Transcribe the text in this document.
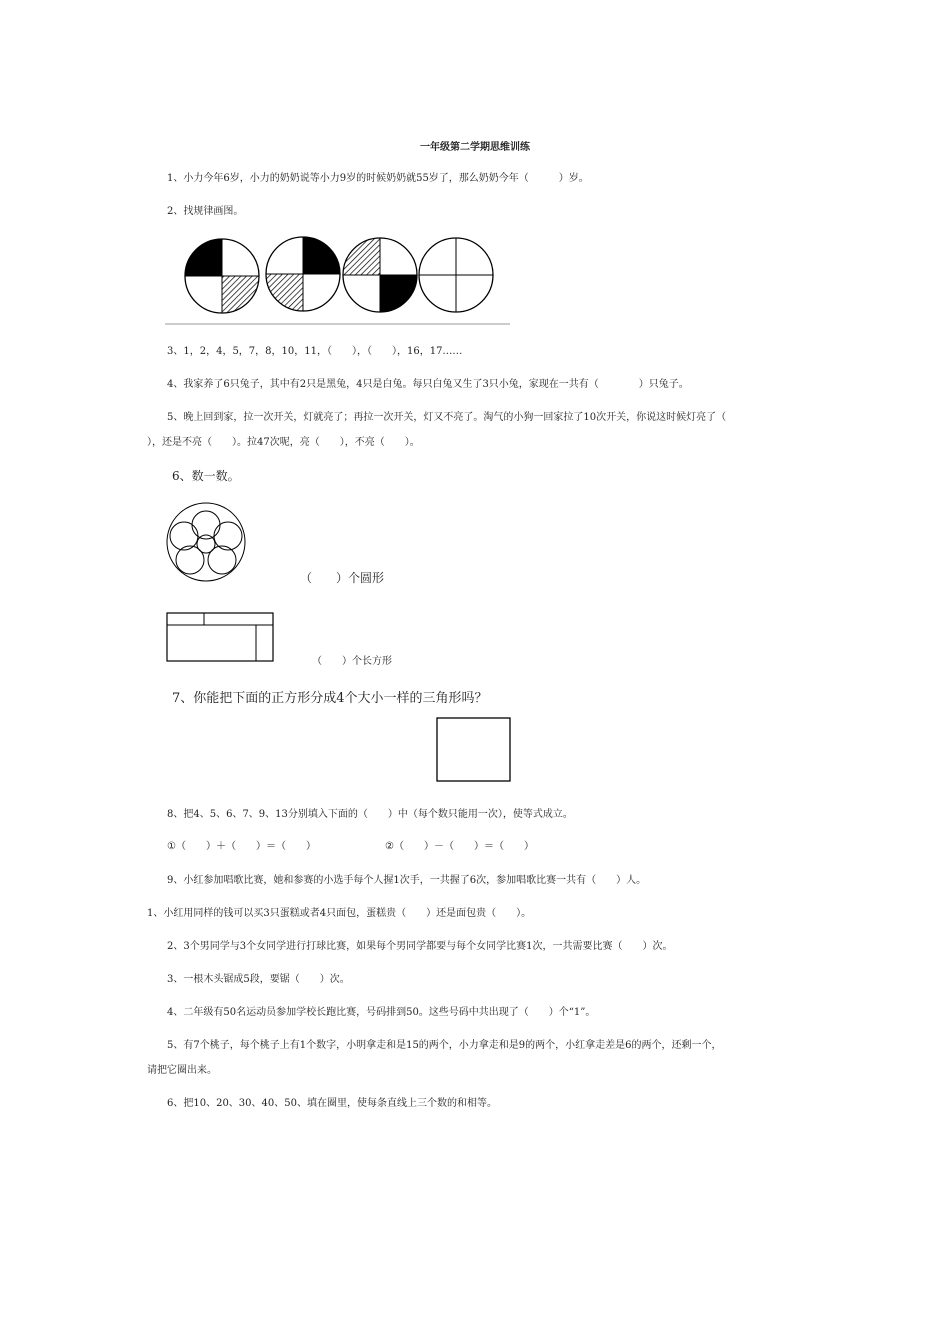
一年级第二学期思维训练
1、小力今年6岁，小力的奶奶说等小力9岁的时候奶奶就55岁了，那么奶奶今年（　　　）岁。
2、找规律画图。
3、1，2，4，5，7，8，10，11，（　　），（　　），16，17……
4、我家养了6只兔子，其中有2只是黑兔，4只是白兔。每只白兔又生了3只小兔，家现在一共有（　　　　）只兔子。
5、晚上回到家，拉一次开关，灯就亮了；再拉一次开关，灯又不亮了。淘气的小狗一回家拉了10次开关，你说这时候灯亮了（
），还是不亮（　　）。拉47次呢，亮（　　），不亮（　　）。
6、数一数。
（　　）个圆形
（　　）个长方形
7、你能把下面的正方形分成4个大小一样的三角形吗？
8、把4、5、6、7、9、13分别填入下面的（　　）中（每个数只能用一次），使等式成立。
①（　　）＋（　　）＝（　　）	②（　　）－（　　）＝（　　）
9、小红参加唱歌比赛，她和参赛的小选手每个人握1次手，一共握了6次，参加唱歌比赛一共有（　　）人。
1、小红用同样的钱可以买3只蛋糕或者4只面包，蛋糕贵（　　）还是面包贵（　　）。
2、3个男同学与3个女同学进行打球比赛，如果每个男同学都要与每个女同学比赛1次，一共需要比赛（　　）次。
3、一根木头锯成5段，要锯（　　）次。
4、二年级有50名运动员参加学校长跑比赛，号码排到50。这些号码中共出现了（　　）个“1”。
5、有7个桃子，每个桃子上有1个数字，小明拿走和是15的两个，小力拿走和是9的两个，小红拿走差是6的两个，还剩一个，
请把它圈出来。
6、把10、20、30、40、50、填在圈里，使每条直线上三个数的和相等。
